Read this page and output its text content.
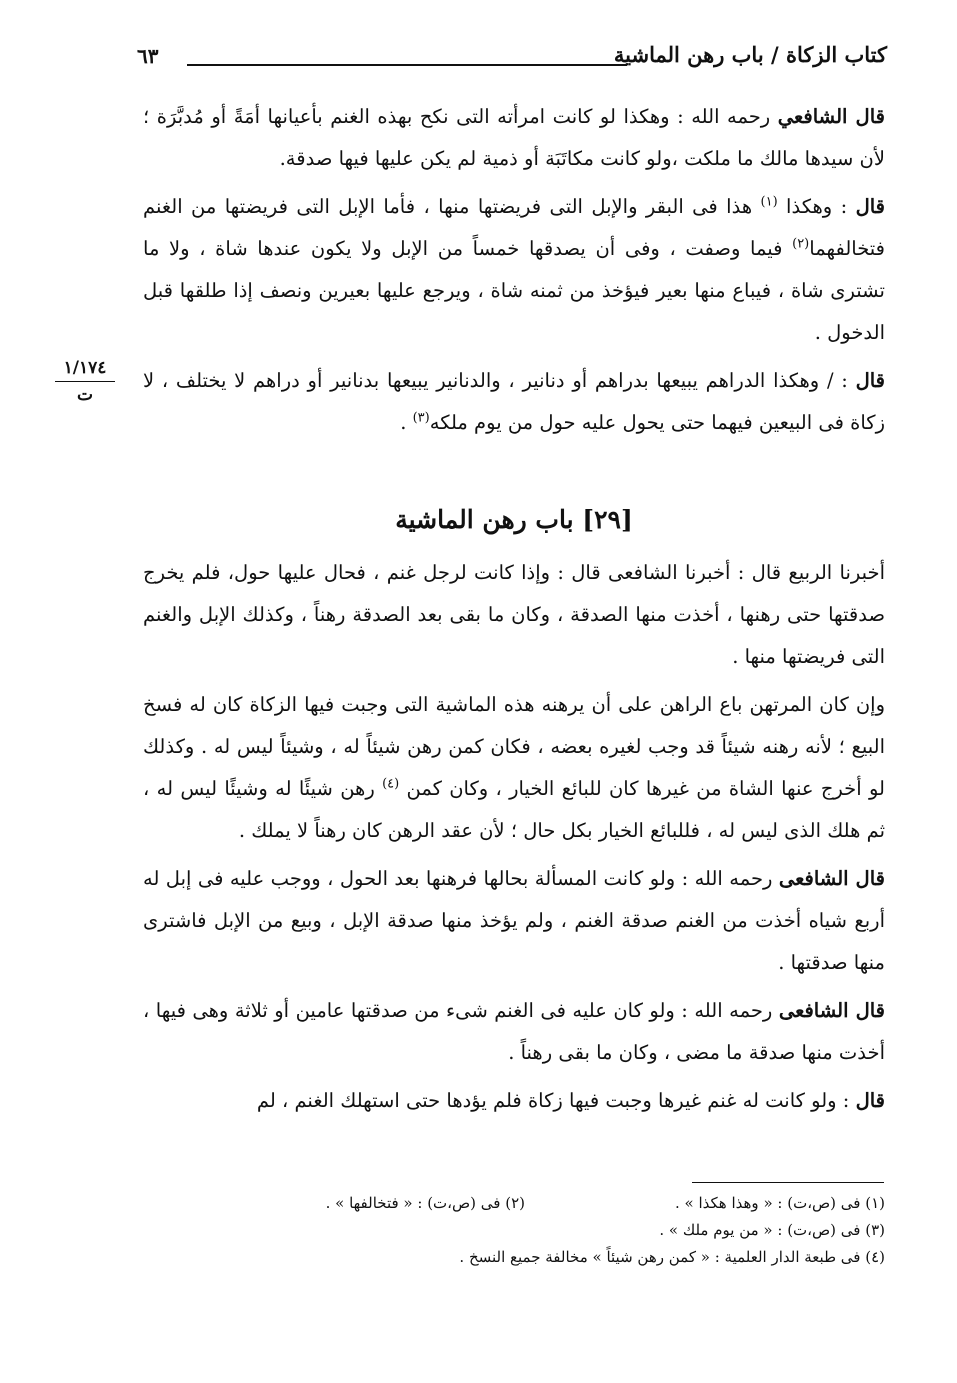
كتاب الزكاة / باب رهن الماشية
٦٣

قال الشافعي رحمه الله : وهكذا لو كانت امرأته التى نكح بهذه الغنم بأعيانها أمَةً أو مُدبَّرَة ؛لأن سيدها مالك ما ملكت ،ولو كانت مكاتَبَة أو ذمية لم يكن عليها فيها صدقة.

قال : وهكذا $^{(١)}$ هذا فى البقر والإبل التى فريضتها منها ، فأما الإبل التى فريضتها من الغنم فتخالفهما$^{(٢)}$ فيما وصفت ، وفى أن يصدقها خمساً من الإبل ولا يكون عندها شاة ، ولا ما تشترى شاة ، فيباع منها بعير فيؤخذ من ثمنه شاة ، ويرجع عليها بعيرين ونصف إذا طلقها قبل الدخول .

قال : / وهكذا الدراهم يبيعها بدراهم أو دنانير ، والدنانير يبيعها بدنانير أو دراهم لا يختلف ، لا زكاة فى البيعين فيهما حتى يحول عليه حول من يوم ملكه$^{(٣)}$ .

١/١٧٤
ت
[٢٩] باب رهن الماشية

أخبرنا الربيع قال : أخبرنا الشافعى قال : وإذا كانت لرجل غنم ، فحال عليها حول، فلم يخرج صدقتها حتى رهنها ، أخذت منها الصدقة ، وكان ما بقى بعد الصدقة رهناً ، وكذلك الإبل والغنم التى فريضتها منها .

وإن كان المرتهن باع الراهن على أن يرهنه هذه الماشية التى وجبت فيها الزكاة كان له فسخ البيع ؛ لأنه رهنه شيئاً قد وجب لغيره بعضه ، فكان كمن رهن شيئاً له ، وشيئاً ليس له . وكذلك لو أخرج عنها الشاة من غيرها كان للبائع الخيار ، وكان كمن $^{(٤)}$ رهن شيئًا له وشيئًا ليس له ، ثم هلك الذى ليس له ، فللبائع الخيار بكل حال ؛ لأن عقد الرهن كان رهناً لا يملك .

قال الشافعى رحمه الله : ولو كانت المسألة بحالها فرهنها بعد الحول ، ووجب عليه فى إبل له أربع شياه أخذت من الغنم صدقة الغنم ، ولم يؤخذ منها صدقة الإبل ، وبيع من الإبل فاشترى منها صدقتها .

قال الشافعى رحمه الله : ولو كان عليه فى الغنم شىء من صدقتها عامين أو ثلاثة وهى فيها ، أخذت منها صدقة ما مضى ، وكان ما بقى رهناً .

قال : ولو كانت له غنم غيرها وجبت فيها زكاة فلم يؤدها حتى استهلك الغنم ، لم

(١) فى (ص،ت) : « وهذا هكذا » .
(٢) فى (ص،ت) : « فتخالفها » .
(٣) فى (ص،ت) : « من يوم ملك » .
(٤) فى طبعة الدار العلمية : « كمن رهن شيئاً » مخالفة جميع النسخ .
